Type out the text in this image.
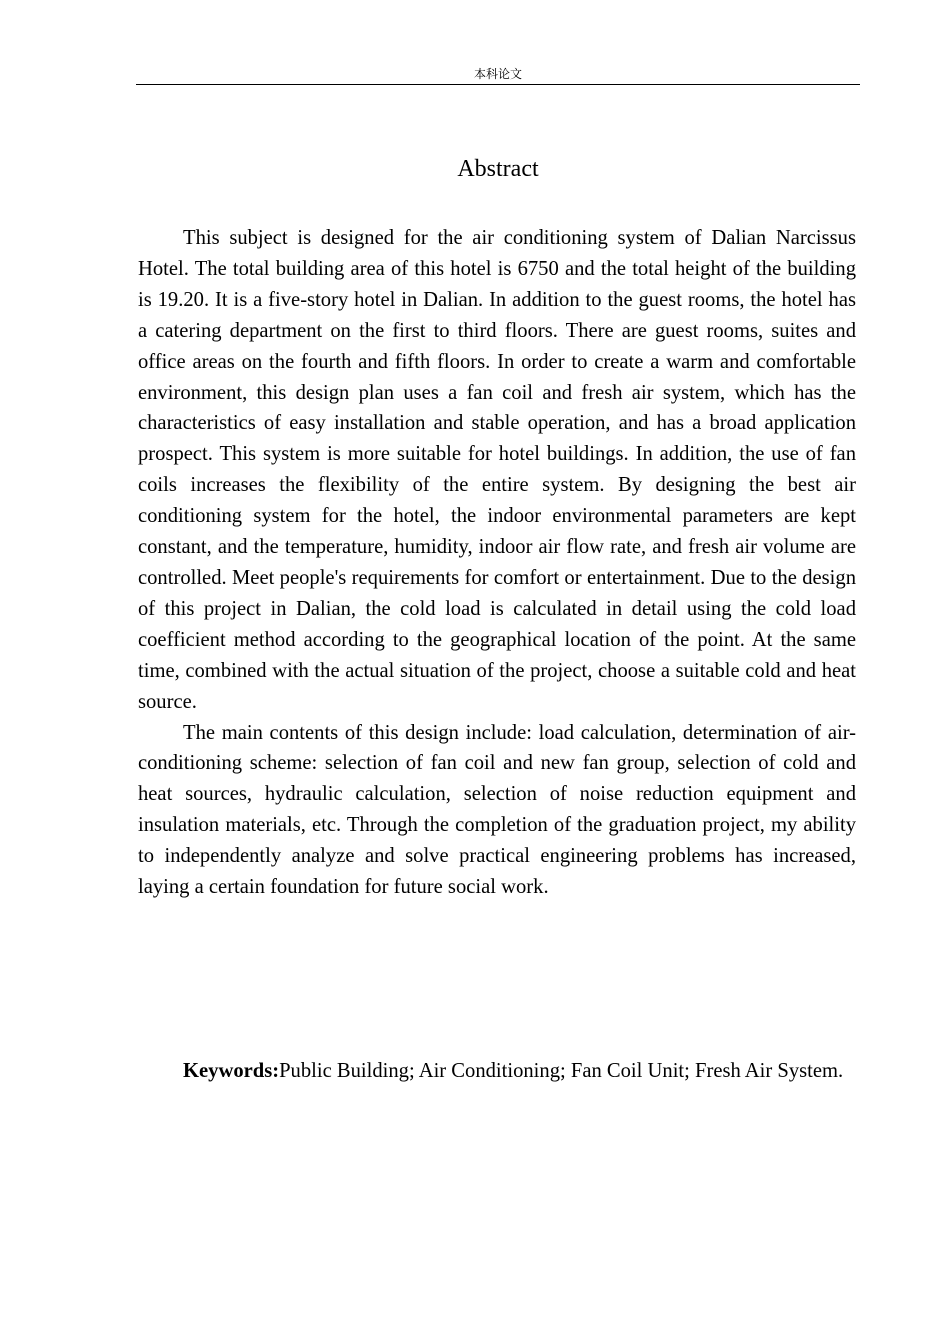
本科论文
Abstract

This subject is designed for the air conditioning system of Dalian Narcissus Hotel. The total building area of this hotel is 6750 and the total height of the building is 19.20. It is a five-story hotel in Dalian. In addition to the guest rooms, the hotel has a catering department on the first to third floors. There are guest rooms, suites and office areas on the fourth and fifth floors. In order to create a warm and comfortable environment, this design plan uses a fan coil and fresh air system, which has the characteristics of easy installation and stable operation, and has a broad application prospect. This system is more suitable for hotel buildings. In addition, the use of fan coils increases the flexibility of the entire system. By designing the best air conditioning system for the hotel, the indoor environmental parameters are kept constant, and the temperature, humidity, indoor air flow rate, and fresh air volume are controlled. Meet people's requirements for comfort or entertainment. Due to the design of this project in Dalian, the cold load is calculated in detail using the cold load coefficient method according to the geographical location of the point. At the same time, combined with the actual situation of the project, choose a suitable cold and heat source.

The main contents of this design include: load calculation, determination of air-conditioning scheme: selection of fan coil and new fan group, selection of cold and heat sources, hydraulic calculation, selection of noise reduction equipment and insulation materials, etc. Through the completion of the graduation project, my ability to independently analyze and solve practical engineering problems has increased, laying a certain foundation for future social work.

Keywords:Public Building; Air Conditioning; Fan Coil Unit; Fresh Air System.
